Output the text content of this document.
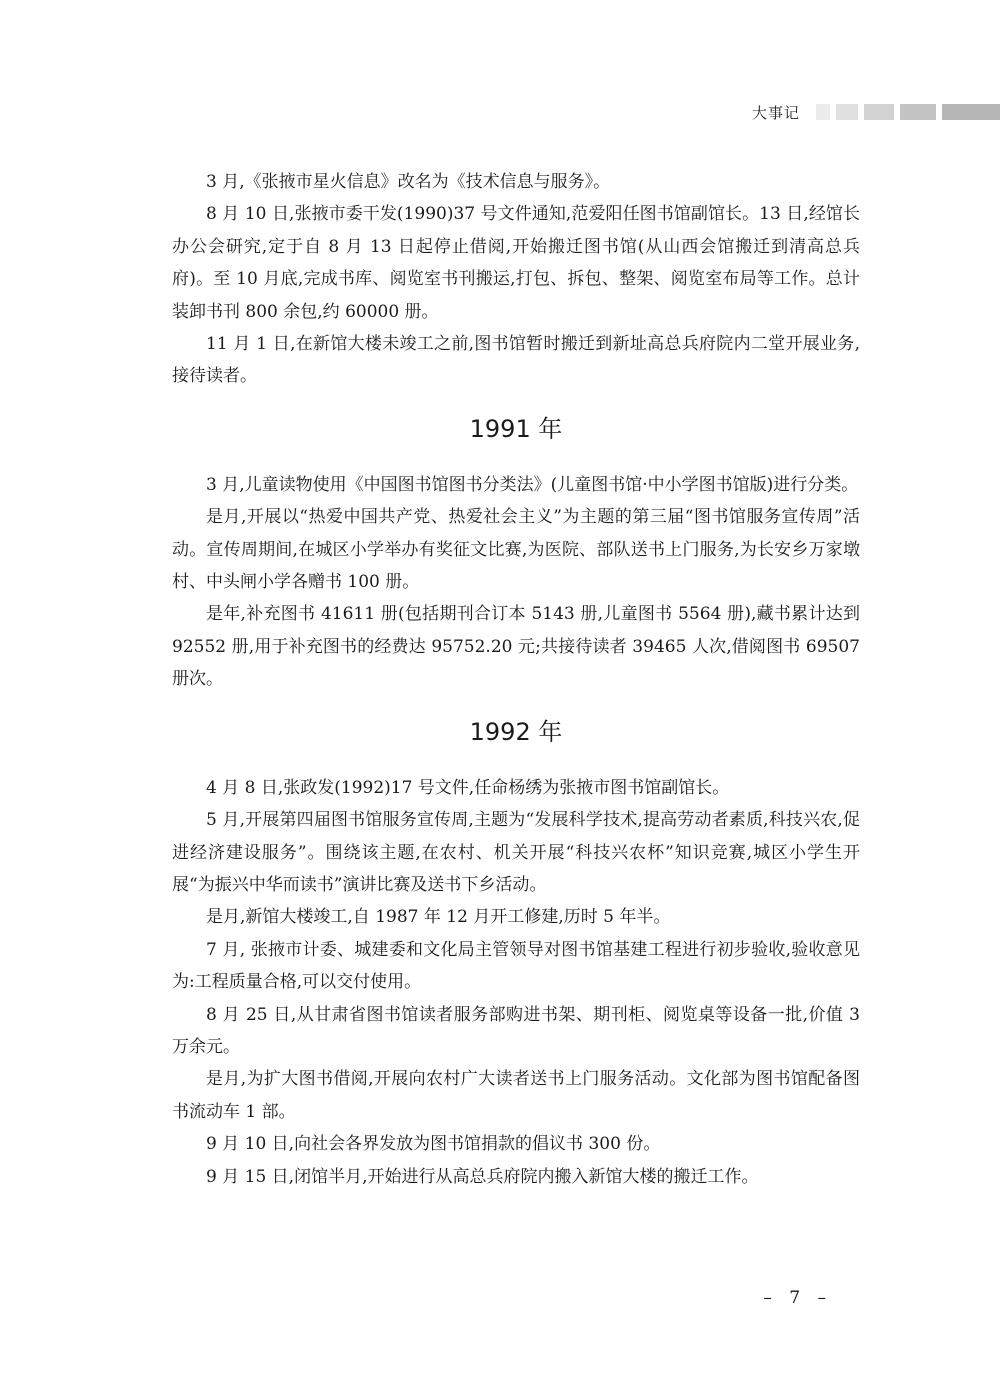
大事记

3 月,《张掖市星火信息》改名为《技术信息与服务》。

8 月 10 日,张掖市委干发(1990)37 号文件通知,范爱阳任图书馆副馆长。13 日,经馆长办公会研究,定于自 8 月 13 日起停止借阅,开始搬迁图书馆(从山西会馆搬迁到清高总兵府)。至 10 月底,完成书库、阅览室书刊搬运,打包、拆包、整架、阅览室布局等工作。总计装卸书刊 800 余包,约 60000 册。

11 月 1 日,在新馆大楼未竣工之前,图书馆暂时搬迁到新址高总兵府院内二堂开展业务,接待读者。

1991 年

3 月,儿童读物使用《中国图书馆图书分类法》(儿童图书馆·中小学图书馆版)进行分类。

是月,开展以“热爱中国共产党、热爱社会主义”为主题的第三届“图书馆服务宣传周”活动。宣传周期间,在城区小学举办有奖征文比赛,为医院、部队送书上门服务,为长安乡万家墩村、中头闸小学各赠书 100 册。

是年,补充图书 41611 册(包括期刊合订本 5143 册,儿童图书 5564 册),藏书累计达到 92552 册,用于补充图书的经费达 95752.20 元;共接待读者 39465 人次,借阅图书 69507 册次。

1992 年

4 月 8 日,张政发(1992)17 号文件,任命杨绣为张掖市图书馆副馆长。

5 月,开展第四届图书馆服务宣传周,主题为“发展科学技术,提高劳动者素质,科技兴农,促进经济建设服务”。围绕该主题,在农村、机关开展“科技兴农杯”知识竞赛,城区小学生开展“为振兴中华而读书”演讲比赛及送书下乡活动。

是月,新馆大楼竣工,自 1987 年 12 月开工修建,历时 5 年半。

7 月, 张掖市计委、城建委和文化局主管领导对图书馆基建工程进行初步验收,验收意见为:工程质量合格,可以交付使用。

8 月 25 日,从甘肃省图书馆读者服务部购进书架、期刊柜、阅览桌等设备一批,价值 3 万余元。

是月,为扩大图书借阅,开展向农村广大读者送书上门服务活动。文化部为图书馆配备图书流动车 1 部。

9 月 10 日,向社会各界发放为图书馆捐款的倡议书 300 份。

9 月 15 日,闭馆半月,开始进行从高总兵府院内搬入新馆大楼的搬迁工作。

– 7 –
